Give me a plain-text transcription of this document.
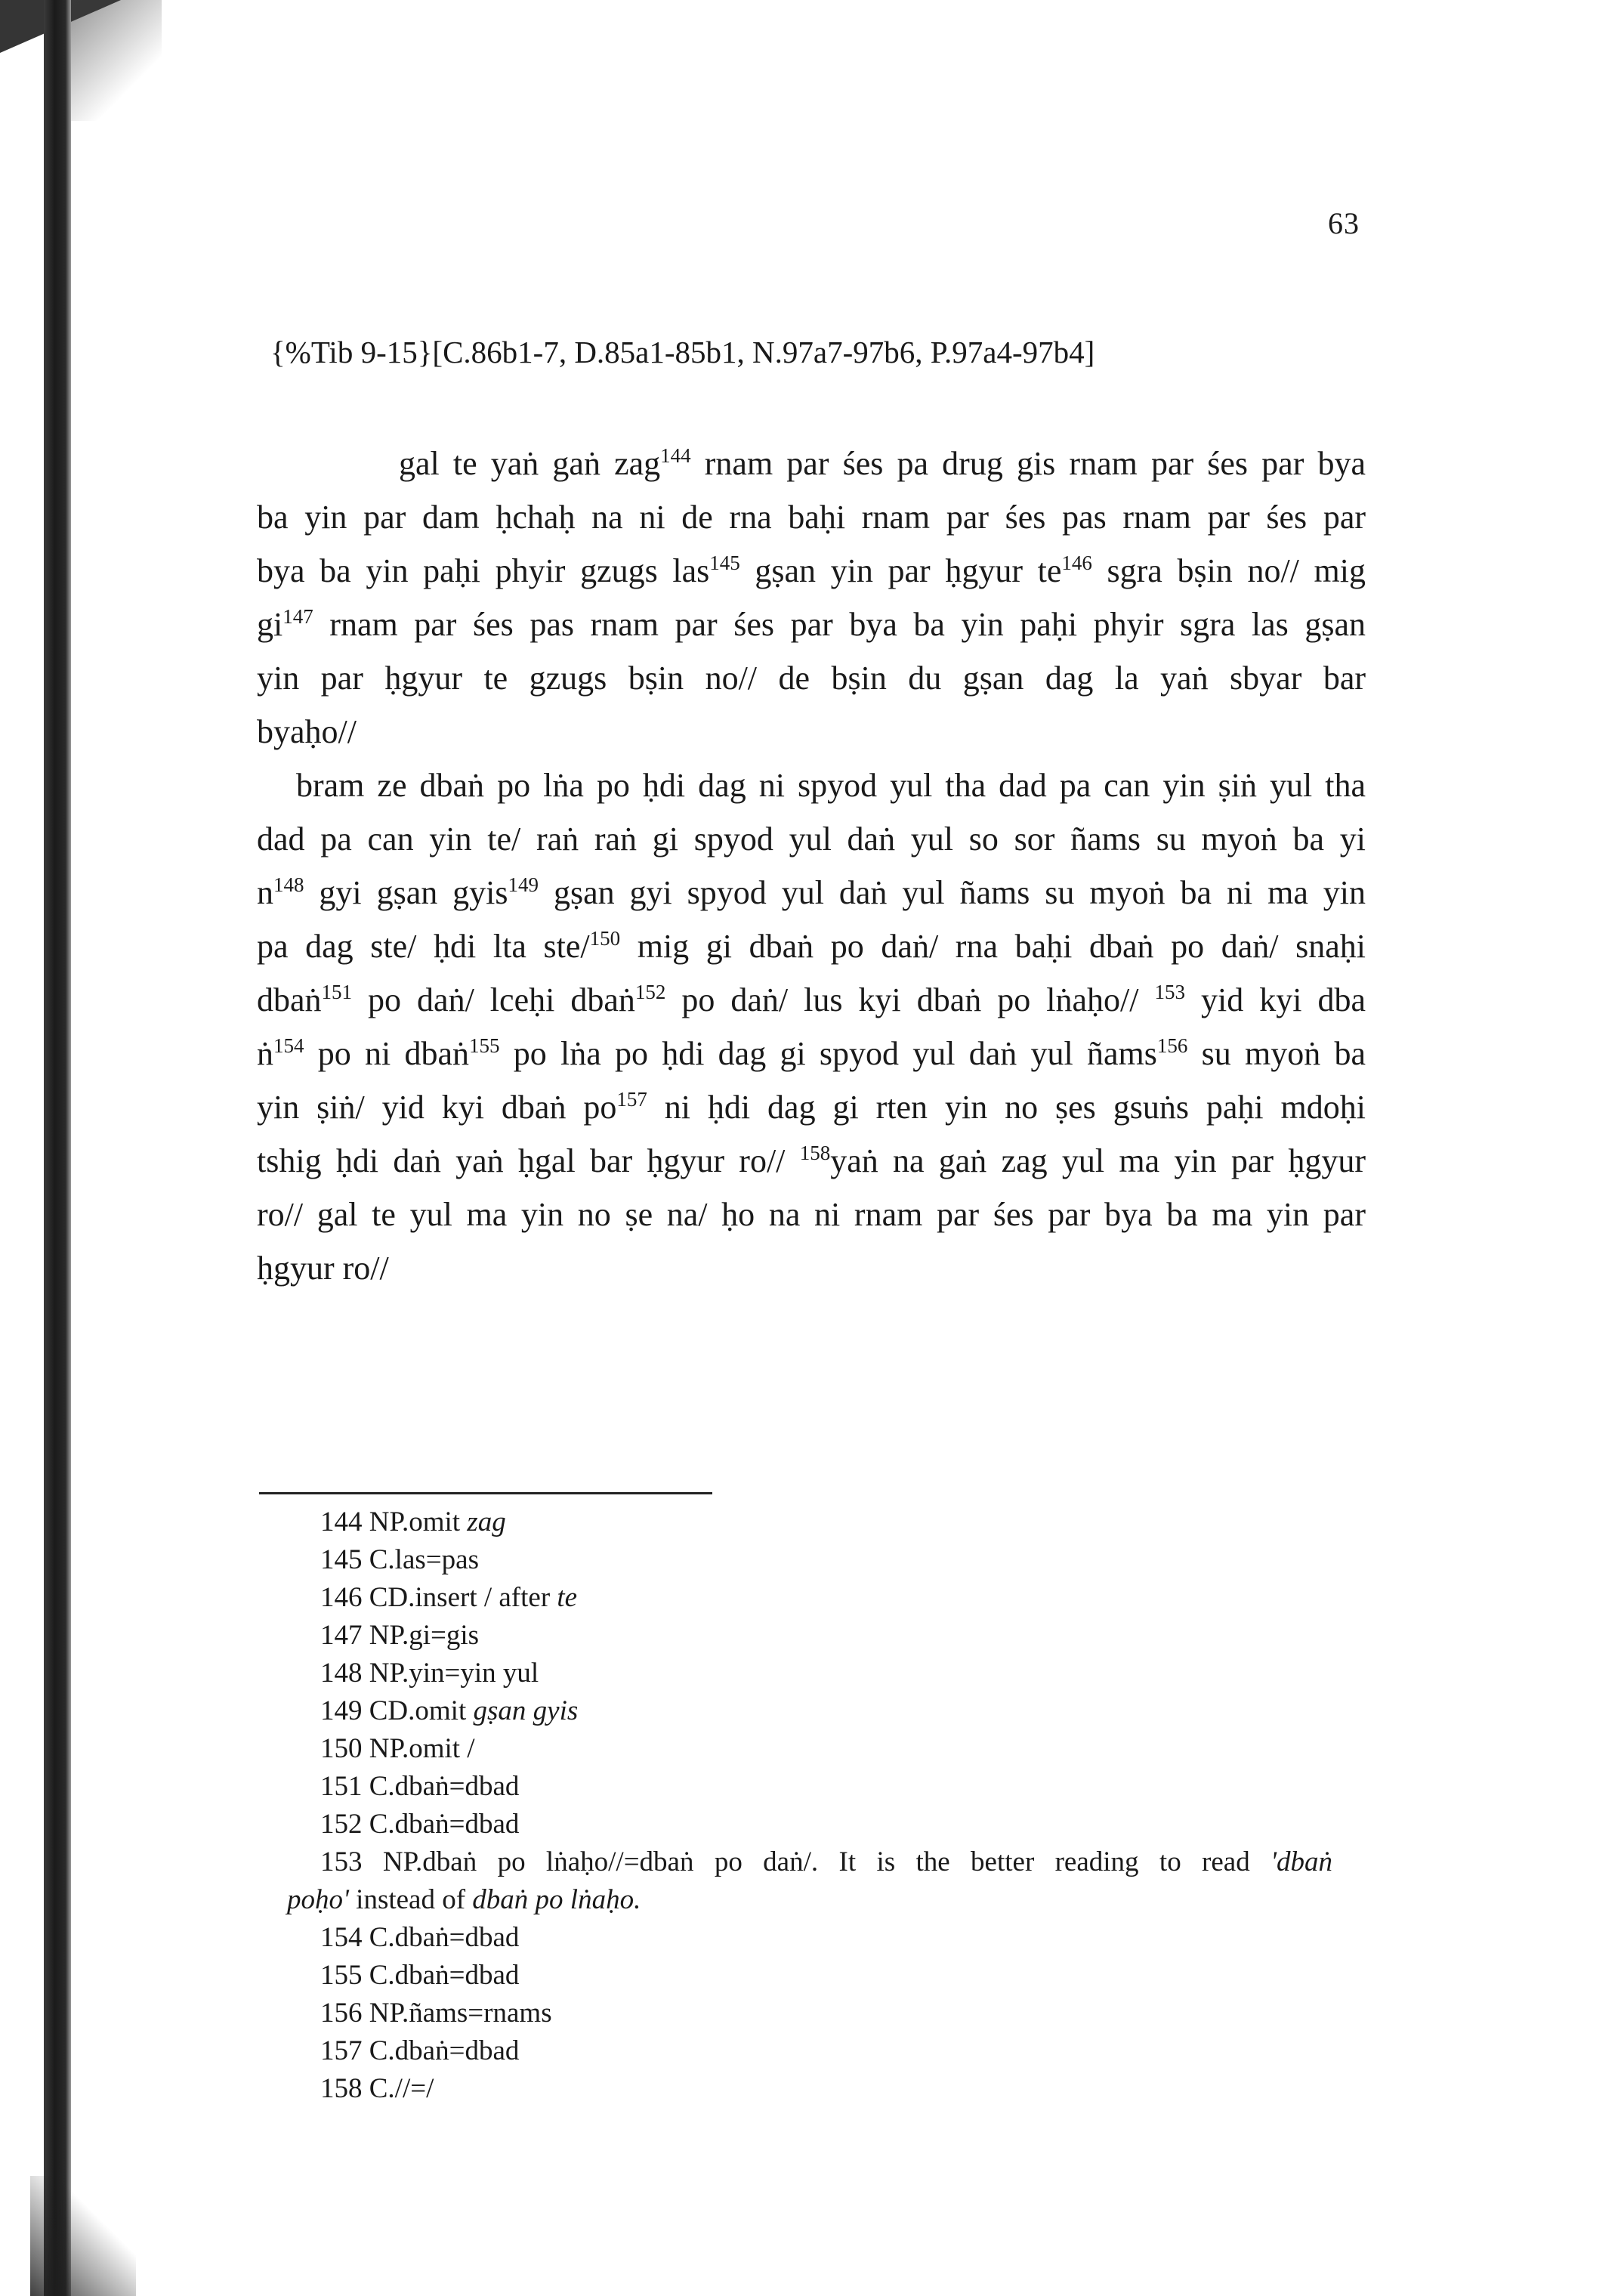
63
{%Tib 9-15}[C.86b1-7, D.85a1-85b1, N.97a7-97b6, P.97a4-97b4]
gal te yaṅ gaṅ zag$^{144}$ rnam par śes pa drug gis rnam par śes par bya
ba yin par dam ḥchaḥ na ni de rna baḥi rnam par śes pas rnam par śes par
bya ba yin paḥi phyir gzugs las$^{145}$ gṣan yin par ḥgyur $te^{146}$ sgra bṣin no// mig
$gi^{147}$ rnam par śes pas rnam par śes par bya ba yin paḥi phyir sgra las gṣan
yin par ḥgyur te gzugs bṣin no// de bṣin du gṣan dag la yaṅ sbyar bar
byaḥo//
bram ze dbaṅ po lṅa po ḥdi dag ni spyod yul tha dad pa can yin ṣiṅ yul tha
dad pa can yin te/ raṅ raṅ gi spyod yul daṅ yul so sor ñams su myoṅ ba yi
$n^{148}$ gyi gṣan gyis$^{149}$ gṣan gyi spyod yul daṅ yul ñams su myoṅ ba ni ma yin
pa dag ste/ ḥdi lta ste/$^{150}$ mig gi dbaṅ po daṅ/ rna baḥi dbaṅ po daṅ/ snaḥi
dbaṅ$^{151}$ po daṅ/ lceḥi dbaṅ$^{152}$ po daṅ/ lus kyi dbaṅ po lṅaḥo// $^{153}$ yid kyi dba
ṅ$^{154}$ po ni dbaṅ$^{155}$ po lṅa po ḥdi dag gi spyod yul daṅ yul ñams$^{156}$ su myoṅ ba
yin ṣiṅ/ yid kyi dbaṅ $po^{157}$ ni ḥdi dag gi rten yin no ṣes gsuṅs paḥi mdoḥi
tshig ḥdi daṅ yaṅ ḥgal bar ḥgyur ro// $^{158}$yaṅ na gaṅ zag yul ma yin par ḥgyur
ro// gal te yul ma yin no ṣe na/ ḥo na ni rnam par śes par bya ba ma yin par
ḥgyur ro//
144 NP.omit zag
145 C.las=pas
146 CD.insert / after te
147 NP.gi=gis
148 NP.yin=yin yul
149 CD.omit gṣan gyis
150 NP.omit /
151 C.dbaṅ=dbad
152 C.dbaṅ=dbad
153 NP.dbaṅ po lṅaḥo//=dbaṅ po daṅ/. It is the better reading to read 'dbaṅ
poḥo' instead of dbaṅ po lṅaḥo.
154 C.dbaṅ=dbad
155 C.dbaṅ=dbad
156 NP.ñams=rnams
157 C.dbaṅ=dbad
158 C.//=/
